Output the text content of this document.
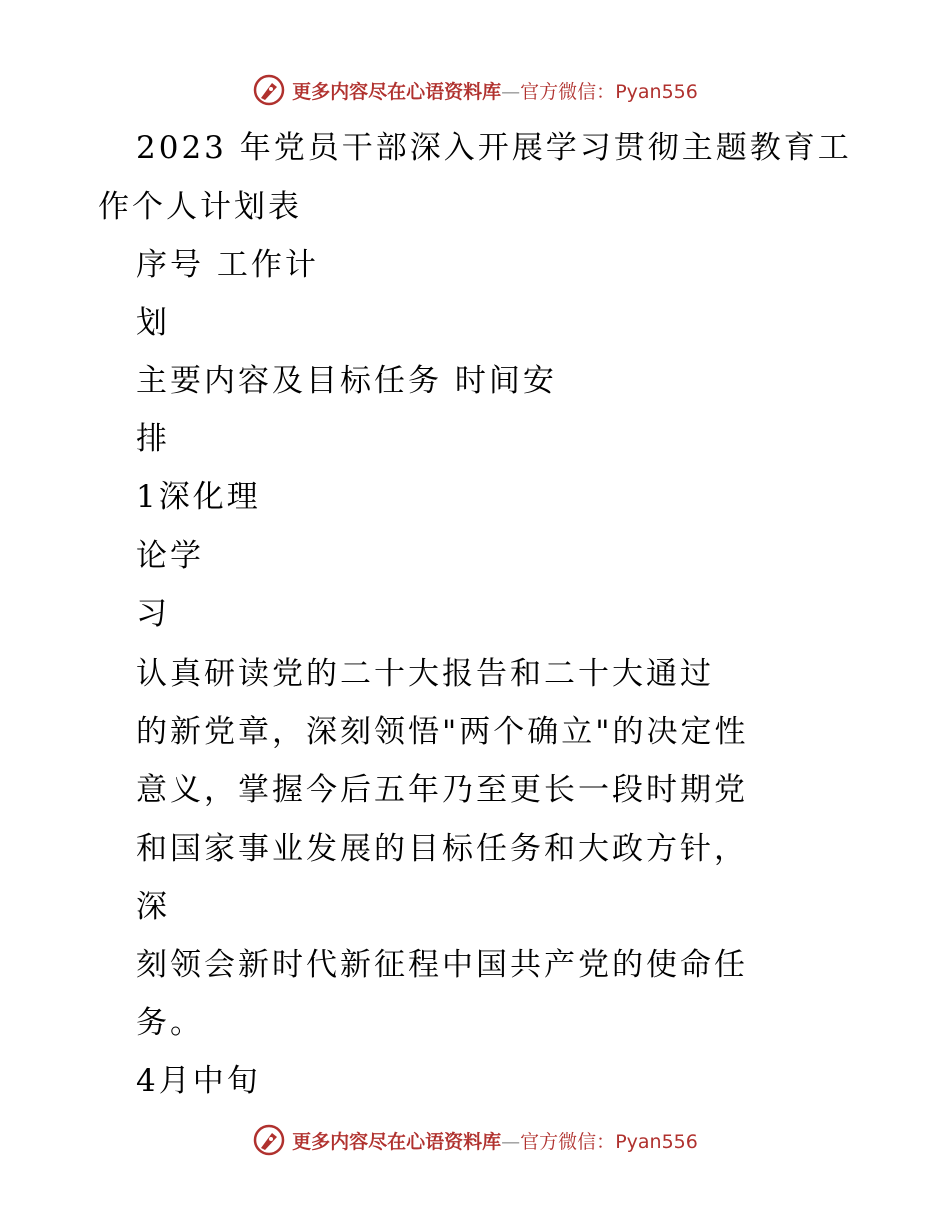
更多内容尽在心语资料库—官方微信：Pyan556
2023 年党员干部深入开展学习贯彻主题教育工
作个人计划表
序号 工作计
划
主要内容及目标任务 时间安
排
1深化理
论学
习
认真研读党的二十大报告和二十大通过
的新党章，深刻领悟"两个确立"的决定性
意义，掌握今后五年乃至更长一段时期党
和国家事业发展的目标任务和大政方针，
深
刻领会新时代新征程中国共产党的使命任
务。
4月中旬
更多内容尽在心语资料库—官方微信：Pyan556
